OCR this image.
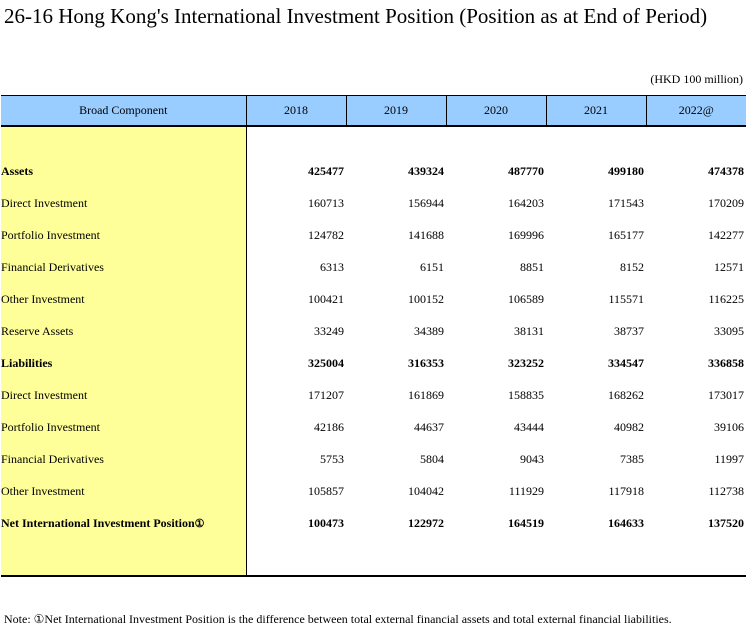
26-16 Hong Kong's International Investment Position (Position as at End of Period)
(HKD 100 million)
Broad Component	2018	2019	2020	2021	2022@

Assets	425477	439324	487770	499180	474378
Direct Investment	160713	156944	164203	171543	170209
Portfolio Investment	124782	141688	169996	165177	142277
Financial Derivatives	6313	6151	8851	8152	12571
Other Investment	100421	100152	106589	115571	116225
Reserve Assets	33249	34389	38131	38737	33095
Liabilities	325004	316353	323252	334547	336858
Direct Investment	171207	161869	158835	168262	173017
Portfolio Investment	42186	44637	43444	40982	39106
Financial Derivatives	5753	5804	9043	7385	11997
Other Investment	105857	104042	111929	117918	112738
Net International Investment Position①	100473	122972	164519	164633	137520

Note: ①Net International Investment Position is the difference between total external financial assets and total external financial liabilities.
